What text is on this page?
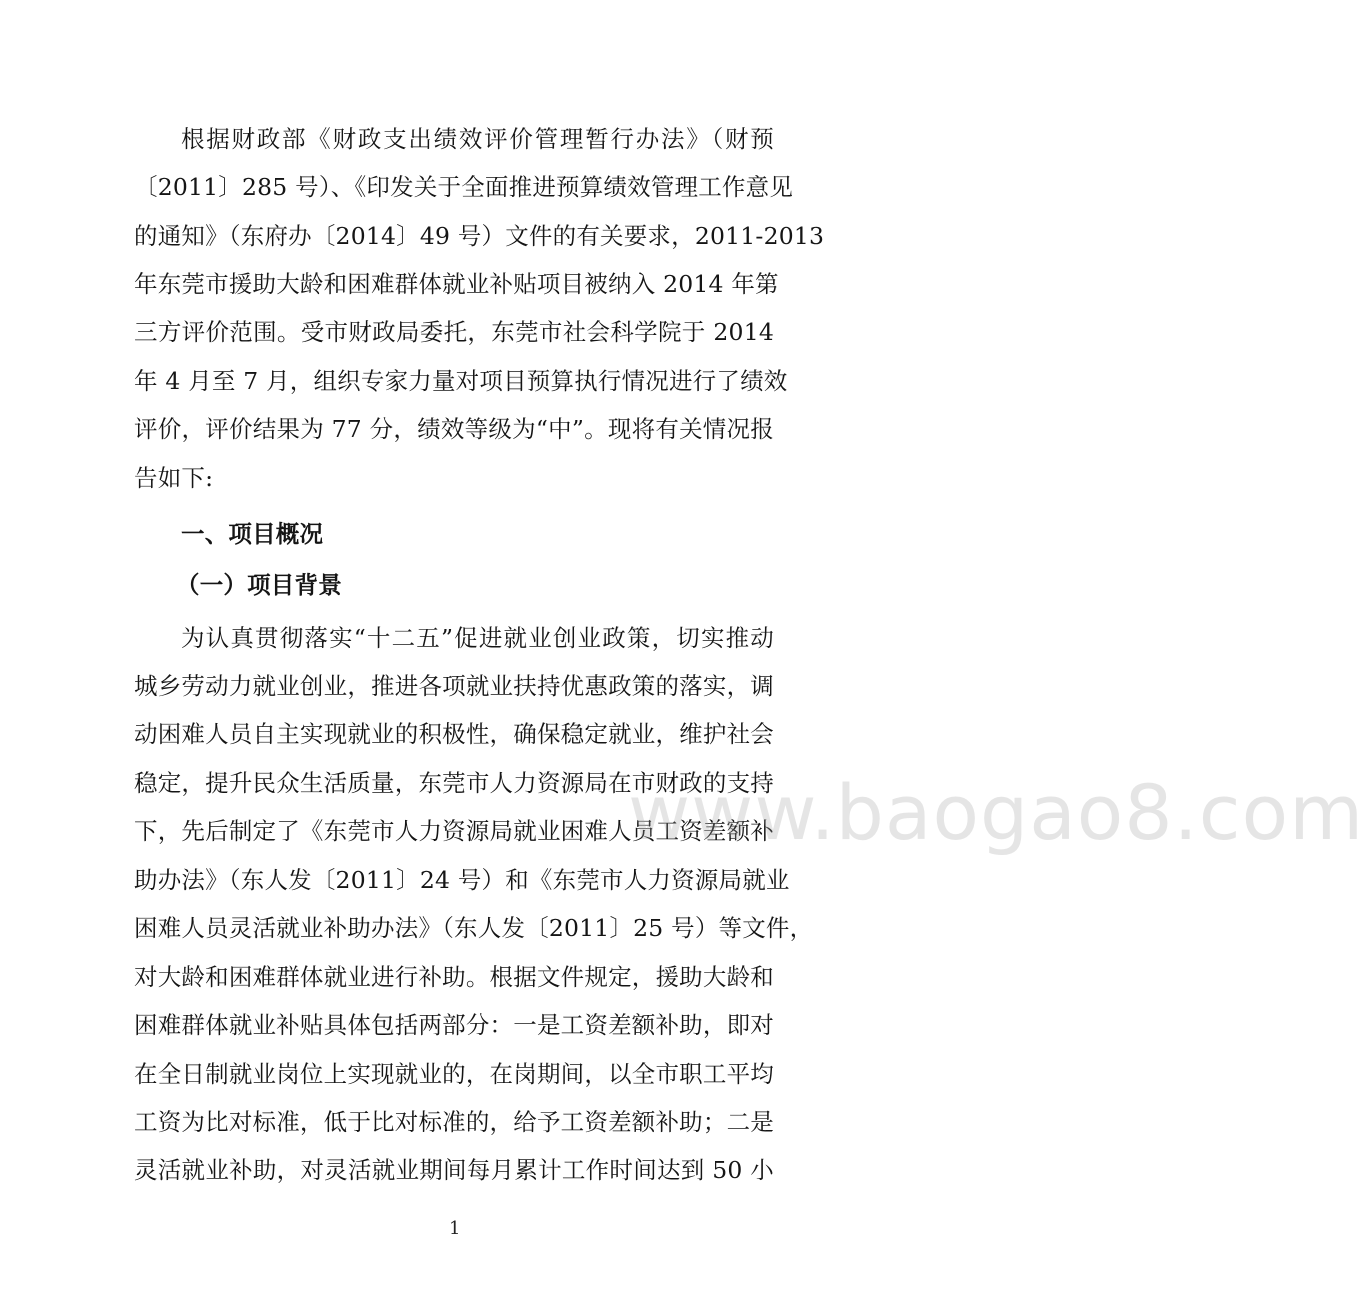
根据财政部《财政支出绩效评价管理暂行办法》（财预
〔2011〕285 号）、《印发关于全面推进预算绩效管理工作意见
的通知》（东府办〔2014〕49 号）文件的有关要求，2011-2013
年东莞市援助大龄和困难群体就业补贴项目被纳入 2014 年第
三方评价范围。受市财政局委托，东莞市社会科学院于 2014
年 4 月至 7 月，组织专家力量对项目预算执行情况进行了绩效
评价，评价结果为 77 分，绩效等级为“中”。现将有关情况报
告如下:
一、项目概况
（一）项目背景
为认真贯彻落实“十二五”促进就业创业政策，切实推动
城乡劳动力就业创业，推进各项就业扶持优惠政策的落实，调
动困难人员自主实现就业的积极性，确保稳定就业，维护社会
稳定，提升民众生活质量，东莞市人力资源局在市财政的支持
下，先后制定了《东莞市人力资源局就业困难人员工资差额补
助办法》（东人发〔2011〕24 号）和《东莞市人力资源局就业
困难人员灵活就业补助办法》（东人发〔2011〕25 号）等文件，
对大龄和困难群体就业进行补助。根据文件规定，援助大龄和
困难群体就业补贴具体包括两部分：一是工资差额补助，即对
在全日制就业岗位上实现就业的，在岗期间，以全市职工平均
工资为比对标准，低于比对标准的，给予工资差额补助；二是
灵活就业补助，对灵活就业期间每月累计工作时间达到 50 小
www.baogao8.com
1
